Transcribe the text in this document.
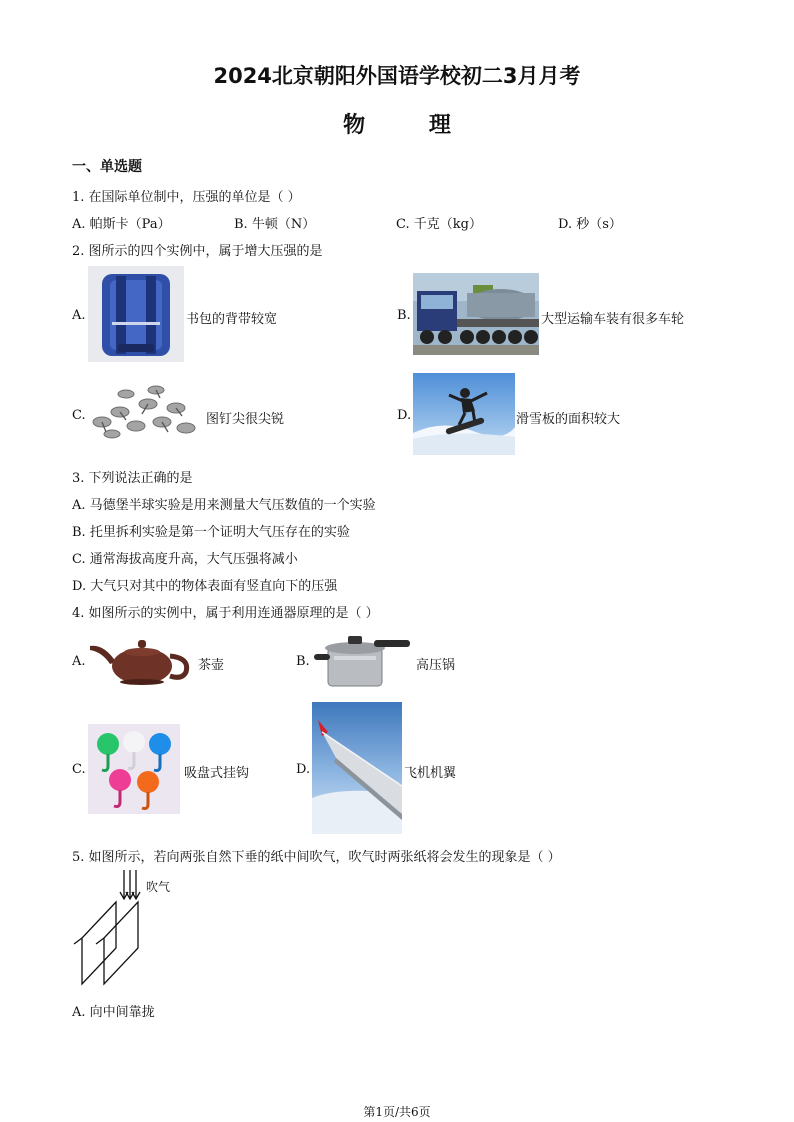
2024北京朝阳外国语学校初二3月月考
物 理
一、单选题
1. 在国际单位制中，压强的单位是（ ）
A. 帕斯卡（Pa）	B. 牛顿（N）	C. 千克（kg）	D. 秒（s）
2. 图所示的四个实例中，属于增大压强的是
A.	书包的背带较宽	B.	大型运输车装有很多车轮
C.	图钉尖很尖锐	D.	滑雪板的面积较大
3. 下列说法正确的是
A. 马德堡半球实验是用来测量大气压数值的一个实验
B. 托里拆利实验是第一个证明大气压存在的实验
C. 通常海拔高度升高，大气压强将减小
D. 大气只对其中的物体表面有竖直向下的压强
4. 如图所示的实例中，属于利用连通器原理的是（ ）
A.	茶壶	B.	高压锅
C.	吸盘式挂钩	D.	飞机机翼
5. 如图所示，若向两张自然下垂的纸中间吹气，吹气时两张纸将会发生的现象是（ ）
吹气
A. 向中间靠拢
第1页/共6页
